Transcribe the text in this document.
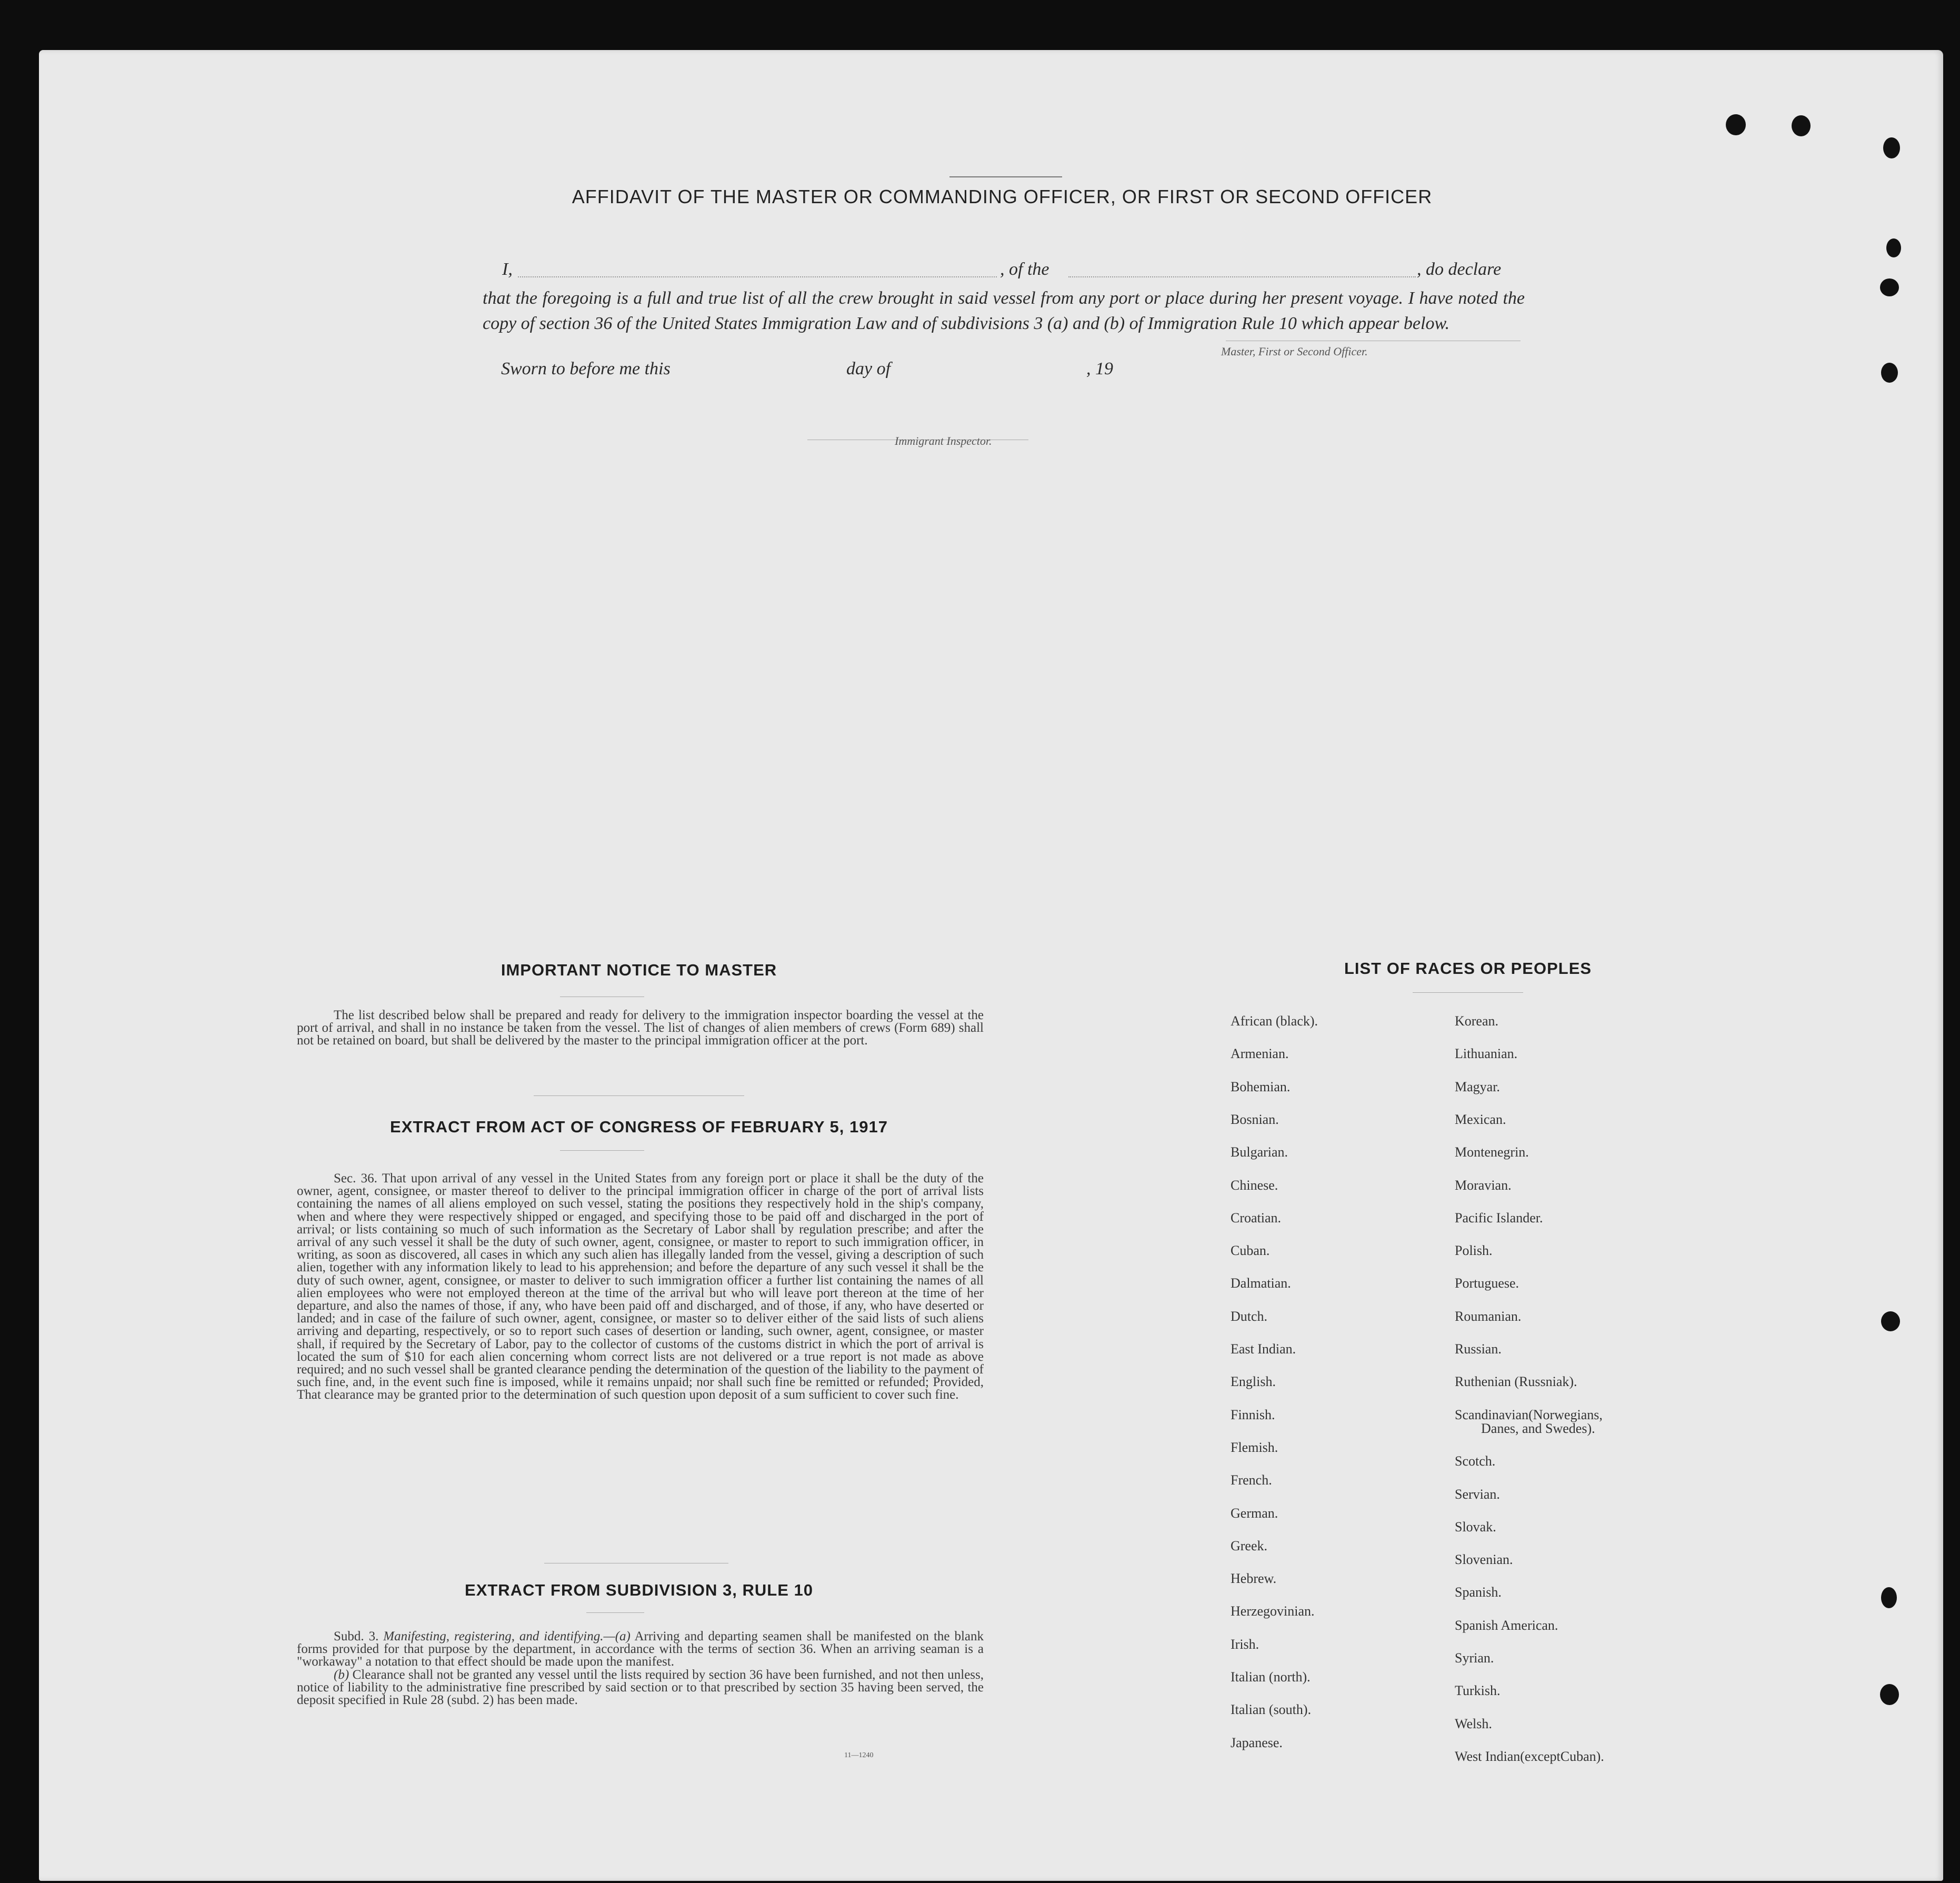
AFFIDAVIT OF THE MASTER OR COMMANDING OFFICER, OR FIRST OR SECOND OFFICER
I,	, of the	, do declare
that the foregoing is a full and true list of all the crew brought in said vessel from any port or place during her present voyage. I have noted the copy of section 36 of the United States Immigration Law and of subdivisions 3 (a) and (b) of Immigration Rule 10 which appear below.
Master, First or Second Officer.
Sworn to before me this	day of	, 19
Immigrant Inspector.
IMPORTANT NOTICE TO MASTER
The list described below shall be prepared and ready for delivery to the immigration inspector boarding the vessel at the port of arrival, and shall in no instance be taken from the vessel. The list of changes of alien members of crews (Form 689) shall not be retained on board, but shall be delivered by the master to the principal immigration officer at the port.
EXTRACT FROM ACT OF CONGRESS OF FEBRUARY 5, 1917
Sec. 36. That upon arrival of any vessel in the United States from any foreign port or place it shall be the duty of the owner, agent, consignee, or master thereof to deliver to the principal immigration officer in charge of the port of arrival lists containing the names of all aliens employed on such vessel, stating the positions they respectively hold in the ship's company, when and where they were respectively shipped or engaged, and specifying those to be paid off and discharged in the port of arrival; or lists containing so much of such information as the Secretary of Labor shall by regulation prescribe; and after the arrival of any such vessel it shall be the duty of such owner, agent, consignee, or master to report to such immigration officer, in writing, as soon as discovered, all cases in which any such alien has illegally landed from the vessel, giving a description of such alien, together with any information likely to lead to his apprehension; and before the departure of any such vessel it shall be the duty of such owner, agent, consignee, or master to deliver to such immigration officer a further list containing the names of all alien employees who were not employed thereon at the time of the arrival but who will leave port thereon at the time of her departure, and also the names of those, if any, who have been paid off and discharged, and of those, if any, who have deserted or landed; and in case of the failure of such owner, agent, consignee, or master so to deliver either of the said lists of such aliens arriving and departing, respectively, or so to report such cases of desertion or landing, such owner, agent, consignee, or master shall, if required by the Secretary of Labor, pay to the collector of customs of the customs district in which the port of arrival is located the sum of $10 for each alien concerning whom correct lists are not delivered or a true report is not made as above required; and no such vessel shall be granted clearance pending the determination of the question of the liability to the payment of such fine, and, in the event such fine is imposed, while it remains unpaid; nor shall such fine be remitted or refunded; Provided, That clearance may be granted prior to the determination of such question upon deposit of a sum sufficient to cover such fine.
EXTRACT FROM SUBDIVISION 3, RULE 10
Subd. 3. Manifesting, registering, and identifying.—(a) Arriving and departing seamen shall be manifested on the blank forms provided for that purpose by the department, in accordance with the terms of section 36. When an arriving seaman is a "workaway" a notation to that effect should be made upon the manifest.
(b) Clearance shall not be granted any vessel until the lists required by section 36 have been furnished, and not then unless, notice of liability to the administrative fine prescribed by said section or to that prescribed by section 35 having been served, the deposit specified in Rule 28 (subd. 2) has been made.
11—1240
LIST OF RACES OR PEOPLES
African (black).
Armenian.
Bohemian.
Bosnian.
Bulgarian.
Chinese.
Croatian.
Cuban.
Dalmatian.
Dutch.
East Indian.
English.
Finnish.
Flemish.
French.
German.
Greek.
Hebrew.
Herzegovinian.
Irish.
Italian (north).
Italian (south).
Japanese.
Korean.
Lithuanian.
Magyar.
Mexican.
Montenegrin.
Moravian.
Pacific Islander.
Polish.
Portuguese.
Roumanian.
Russian.
Ruthenian (Russniak).
Scandinavian(Norwegians,
Danes, and Swedes).
Scotch.
Servian.
Slovak.
Slovenian.
Spanish.
Spanish American.
Syrian.
Turkish.
Welsh.
West Indian(exceptCuban).
